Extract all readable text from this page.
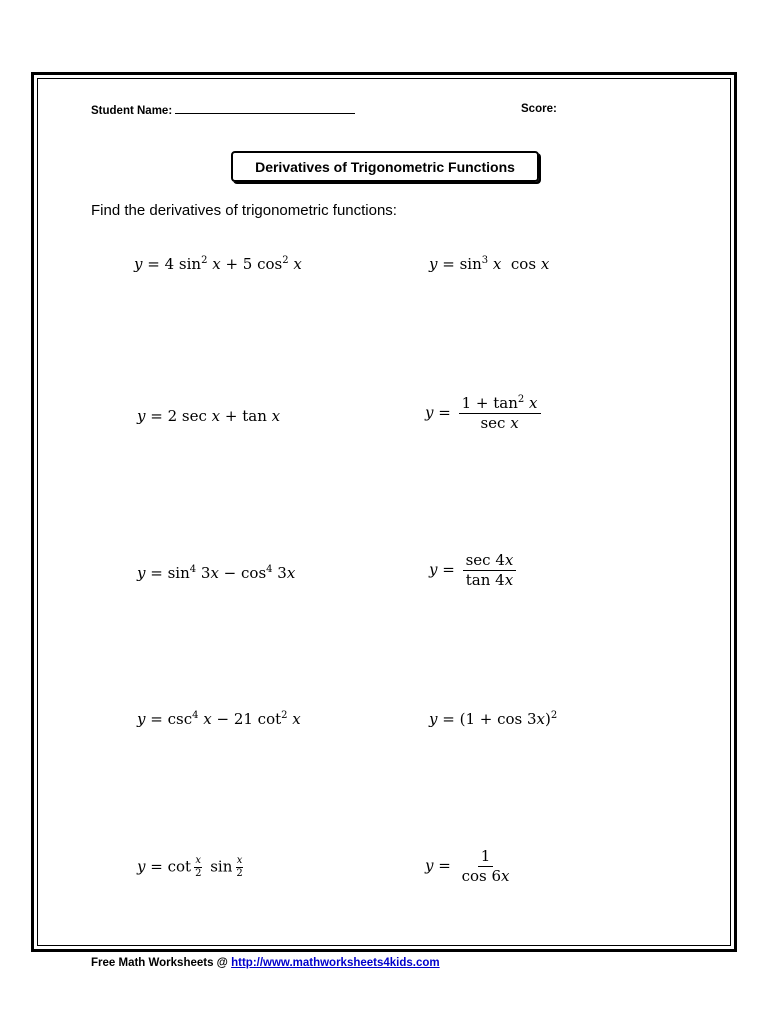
Student Name:	Score:
Derivatives of Trigonometric Functions
Find the derivatives of trigonometric functions:
y = 4 $\sin^2 x + 5$ $\cos^2 x$	$y = \sin^3 x$  cos x
y = 2 sec x + tan x	$y = \frac{1 + \tan^2 x}{\text{sec x}}$
$y = \sin^4 3x - \cos^4 3x$	$y = \frac{\sec 4x}{\tan 4x}$
$y = \csc^4 x - 21$ $\cot^2 x$	$y = (1 + \cos 3x)^2$
$y = \cot \frac{x}{2}$ $\sin \frac{x}{2}$	$y = \frac{1}{\cos 6x}$
Free Math Worksheets @ http://www.mathworksheets4kids.com
